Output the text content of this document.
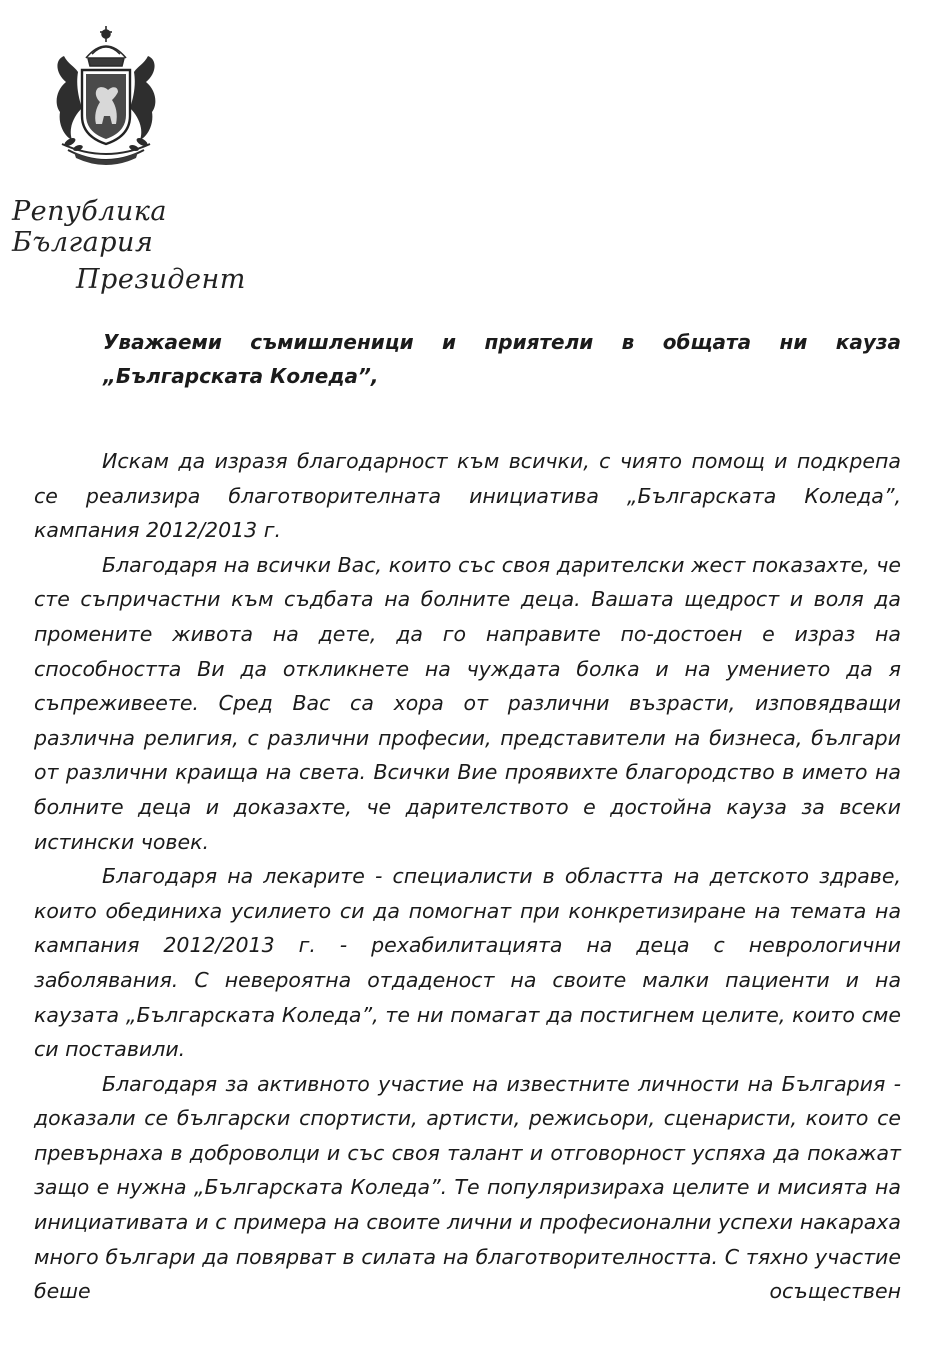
Република България
Президент
Уважаеми съмишленици и приятели в общата ни кауза
„Българската Коледа”,

Искам да изразя благодарност към всички, с чиято помощ и подкрепа се реализира благотворителната инициатива „Българската Коледа”, кампания 2012/2013 г.

Благодаря на всички Вас, които със своя дарителски жест показахте, че сте съпричастни към съдбата на болните деца. Вашата щедрост и воля да промените живота на дете, да го направите по-достоен е израз на способността Ви да откликнете на чуждата болка и на умението да я съпреживеете. Сред Вас са хора от различни възрасти, изповядващи различна религия, с различни професии, представители на бизнеса, българи от различни краища на света. Всички Вие проявихте благородство в името на болните деца и доказахте, че дарителството е достойна кауза за всеки истински човек.

Благодаря на лекарите - специалисти в областта на детското здраве, които обединиха усилието си да помогнат при конкретизиране на темата на кампания 2012/2013 г. - рехабилитацията на деца с неврологични заболявания. С невероятна отдаденост на своите малки пациенти и на каузата „Българската Коледа”, те ни помагат да постигнем целите, които сме си поставили.

Благодаря за активното участие на известните личности на България - доказали се български спортисти, артисти, режисьори, сценаристи, които се превърнаха в доброволци и със своя талант и отговорност успяха да покажат защо е нужна „Българската Коледа”. Те популяризираха целите и мисията на инициативата и с примера на своите лични и професионални успехи накараха много българи да повярват в силата на благотворителността. С тяхно участие беше осъществен
